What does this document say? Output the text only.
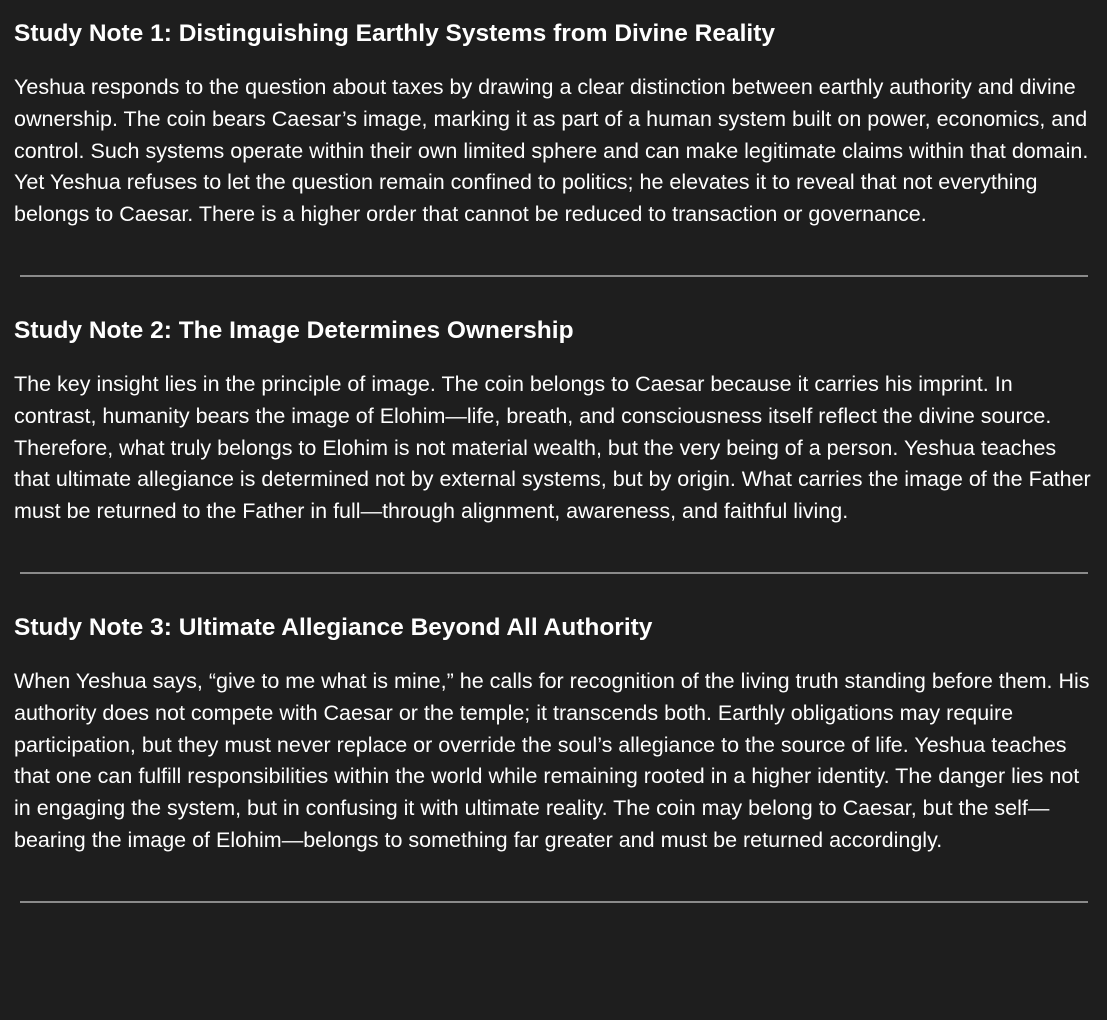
Study Note 1: Distinguishing Earthly Systems from Divine Reality

Yeshua responds to the question about taxes by drawing a clear distinction between earthly authority and divine ownership. The coin bears Caesar’s image, marking it as part of a human system built on power, economics, and control. Such systems operate within their own limited sphere and can make legitimate claims within that domain. Yet Yeshua refuses to let the question remain confined to politics; he elevates it to reveal that not everything belongs to Caesar. There is a higher order that cannot be reduced to transaction or governance.

Study Note 2: The Image Determines Ownership

The key insight lies in the principle of image. The coin belongs to Caesar because it carries his imprint. In contrast, humanity bears the image of Elohim—life, breath, and consciousness itself reflect the divine source. Therefore, what truly belongs to Elohim is not material wealth, but the very being of a person. Yeshua teaches that ultimate allegiance is determined not by external systems, but by origin. What carries the image of the Father must be returned to the Father in full—through alignment, awareness, and faithful living.

Study Note 3: Ultimate Allegiance Beyond All Authority

When Yeshua says, “give to me what is mine,” he calls for recognition of the living truth standing before them. His authority does not compete with Caesar or the temple; it transcends both. Earthly obligations may require participation, but they must never replace or override the soul’s allegiance to the source of life. Yeshua teaches that one can fulfill responsibilities within the world while remaining rooted in a higher identity. The danger lies not in engaging the system, but in confusing it with ultimate reality. The coin may belong to Caesar, but the self—bearing the image of Elohim—belongs to something far greater and must be returned accordingly.
